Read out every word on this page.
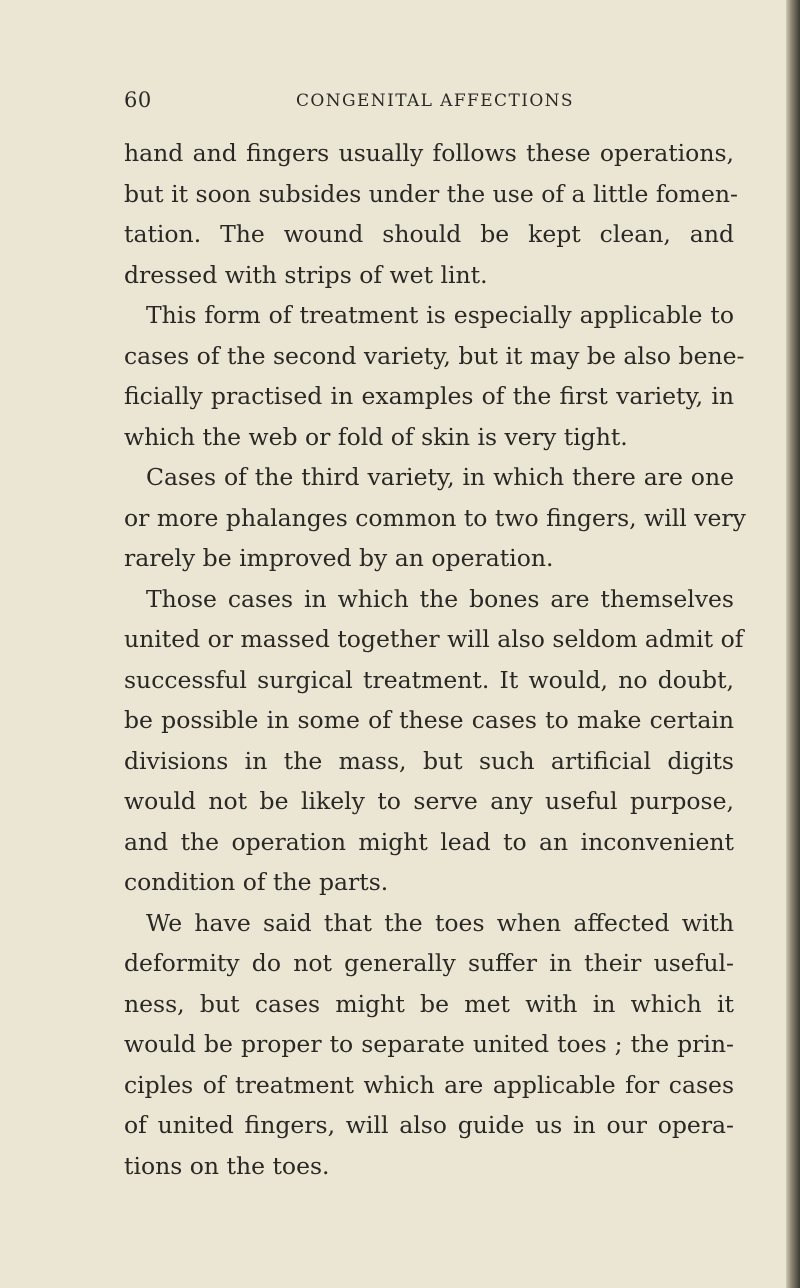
60	CONGENITAL AFFECTIONS
hand and fingers usually follows these operations,
but it soon subsides under the use of a little fomen-
tation. The wound should be kept clean, and
dressed with strips of wet lint.
This form of treatment is especially applicable to
cases of the second variety, but it may be also bene-
ficially practised in examples of the first variety, in
which the web or fold of skin is very tight.
Cases of the third variety, in which there are one
or more phalanges common to two fingers, will very
rarely be improved by an operation.
Those cases in which the bones are themselves
united or massed together will also seldom admit of
successful surgical treatment. It would, no doubt,
be possible in some of these cases to make certain
divisions in the mass, but such artificial digits
would not be likely to serve any useful purpose,
and the operation might lead to an inconvenient
condition of the parts.
We have said that the toes when affected with
deformity do not generally suffer in their useful-
ness, but cases might be met with in which it
would be proper to separate united toes ; the prin-
ciples of treatment which are applicable for cases
of united fingers, will also guide us in our opera-
tions on the toes.
